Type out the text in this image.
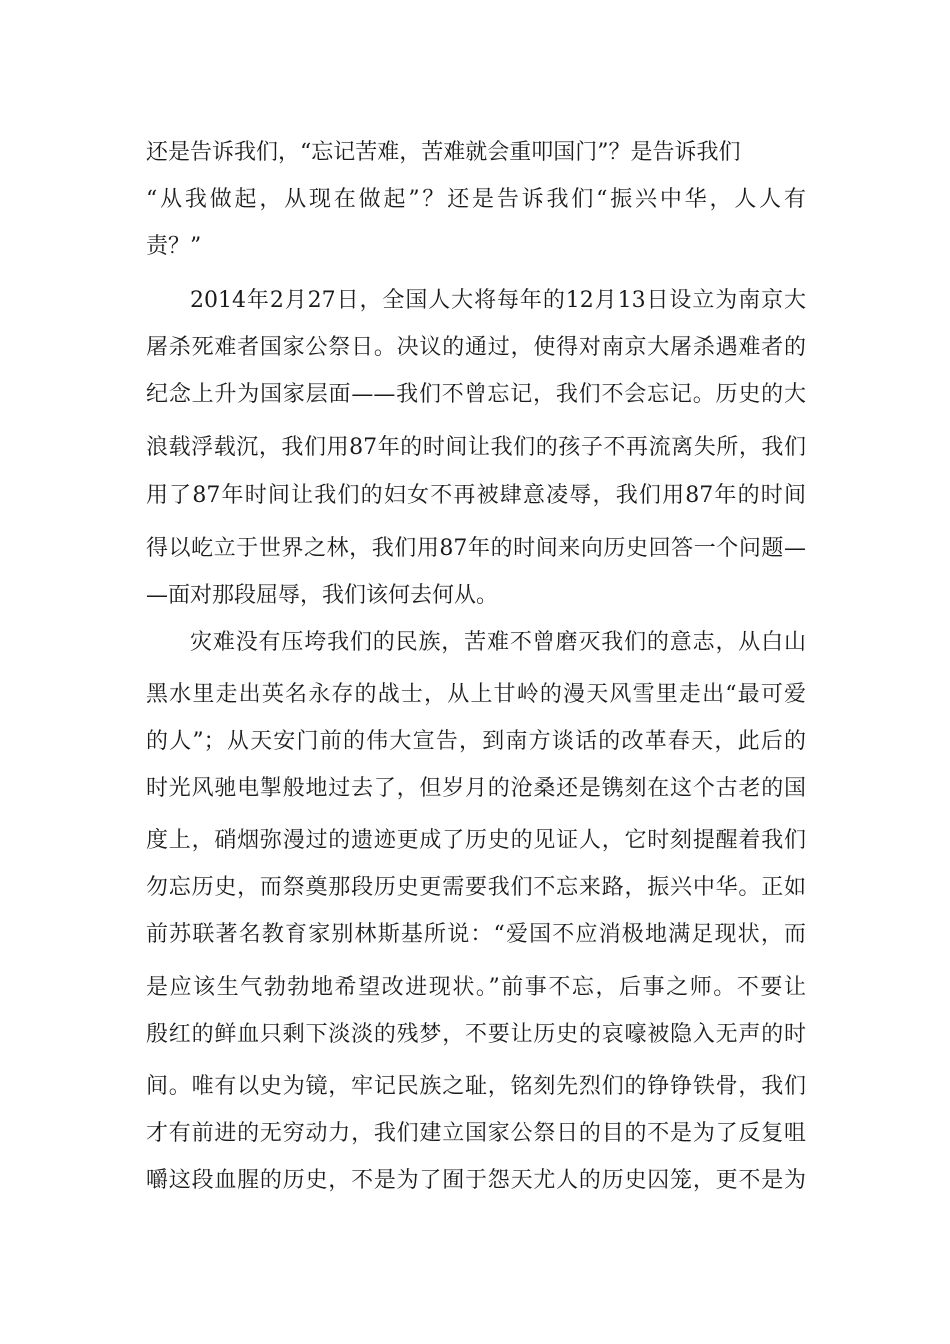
还是告诉我们，“忘记苦难，苦难就会重叩国门”？是告诉我们
“从我做起，从现在做起”？还是告诉我们“振兴中华，人人有
责？”
2014年2月27日，全国人大将每年的12月13日设立为南京大
屠杀死难者国家公祭日。决议的通过，使得对南京大屠杀遇难者的
纪念上升为国家层面——我们不曾忘记，我们不会忘记。历史的大
浪载浮载沉，我们用87年的时间让我们的孩子不再流离失所，我们
用了87年时间让我们的妇女不再被肆意凌辱，我们用87年的时间
得以屹立于世界之林，我们用87年的时间来向历史回答一个问题—
—面对那段屈辱，我们该何去何从。
灾难没有压垮我们的民族，苦难不曾磨灭我们的意志，从白山
黑水里走出英名永存的战士，从上甘岭的漫天风雪里走出“最可爱
的人”；从天安门前的伟大宣告，到南方谈话的改革春天，此后的
时光风驰电掣般地过去了，但岁月的沧桑还是镌刻在这个古老的国
度上，硝烟弥漫过的遗迹更成了历史的见证人，它时刻提醒着我们
勿忘历史，而祭奠那段历史更需要我们不忘来路，振兴中华。正如
前苏联著名教育家别林斯基所说：“爱国不应消极地满足现状，而
是应该生气勃勃地希望改进现状。”前事不忘，后事之师。不要让
殷红的鲜血只剩下淡淡的残梦，不要让历史的哀嚎被隐入无声的时
间。唯有以史为镜，牢记民族之耻，铭刻先烈们的铮铮铁骨，我们
才有前进的无穷动力，我们建立国家公祭日的目的不是为了反复咀
嚼这段血腥的历史，不是为了囿于怨天尤人的历史囚笼，更不是为
